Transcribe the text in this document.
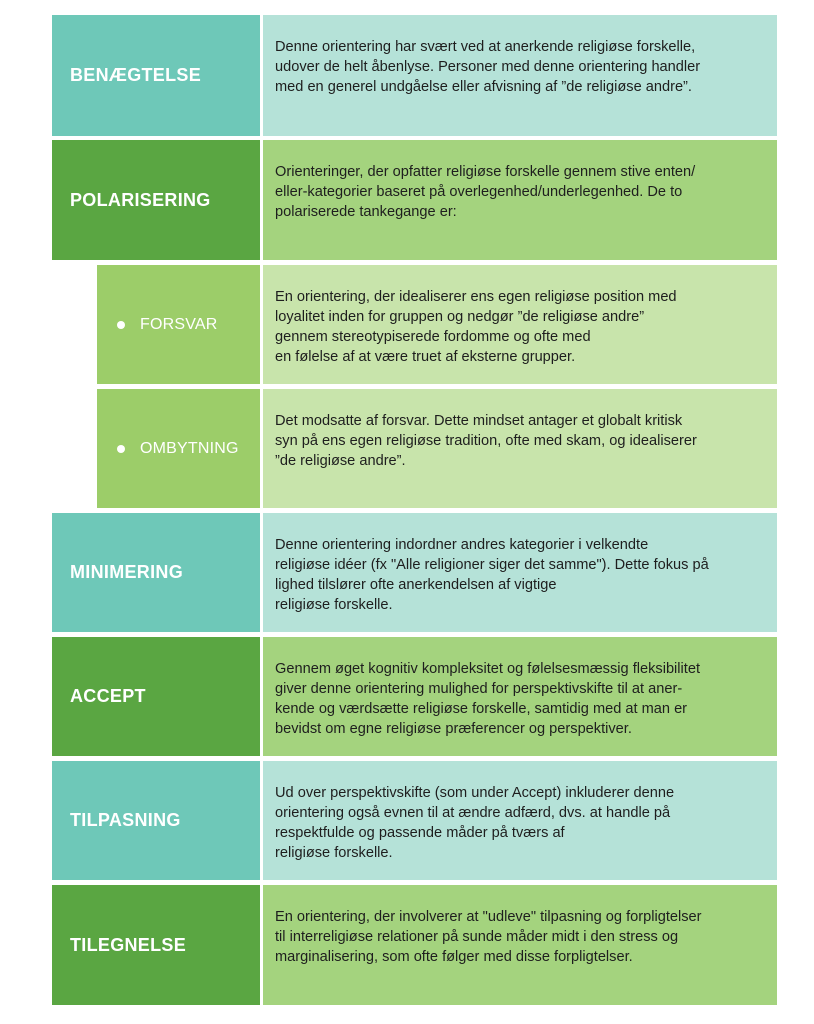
BENÆGTELSE
Denne orientering har svært ved at anerkende religiøse forskelle,
udover de helt åbenlyse. Personer med denne orientering handler
med en generel undgåelse eller afvisning af ”de religiøse andre”.
POLARISERING
Orienteringer, der opfatter religiøse forskelle gennem stive enten/
eller-kategorier baseret på overlegenhed/underlegenhed. De to
polariserede tankegange er:
FORSVAR
En orientering, der idealiserer ens egen religiøse position med
loyalitet inden for gruppen og nedgør ”de religiøse andre”
gennem stereotypiserede fordomme og ofte med
en følelse af at være truet af eksterne grupper.
OMBYTNING
Det modsatte af forsvar. Dette mindset antager et globalt kritisk
syn på ens egen religiøse tradition, ofte med skam, og idealiserer
”de religiøse andre”.
MINIMERING
Denne orientering indordner andres kategorier i velkendte
religiøse idéer (fx "Alle religioner siger det samme"). Dette fokus på
lighed tilslører ofte anerkendelsen af vigtige
religiøse forskelle.
ACCEPT
Gennem øget kognitiv kompleksitet og følelsesmæssig fleksibilitet
giver denne orientering mulighed for perspektivskifte til at aner-
kende og værdsætte religiøse forskelle, samtidig med at man er
bevidst om egne religiøse præferencer og perspektiver.
TILPASNING
Ud over perspektivskifte (som under Accept) inkluderer denne
orientering også evnen til at ændre adfærd, dvs. at handle på
respektfulde og passende måder på tværs af
religiøse forskelle.
TILEGNELSE
En orientering, der involverer at "udleve" tilpasning og forpligtelser
til interreligiøse relationer på sunde måder midt i den stress og
marginalisering, som ofte følger med disse forpligtelser.
